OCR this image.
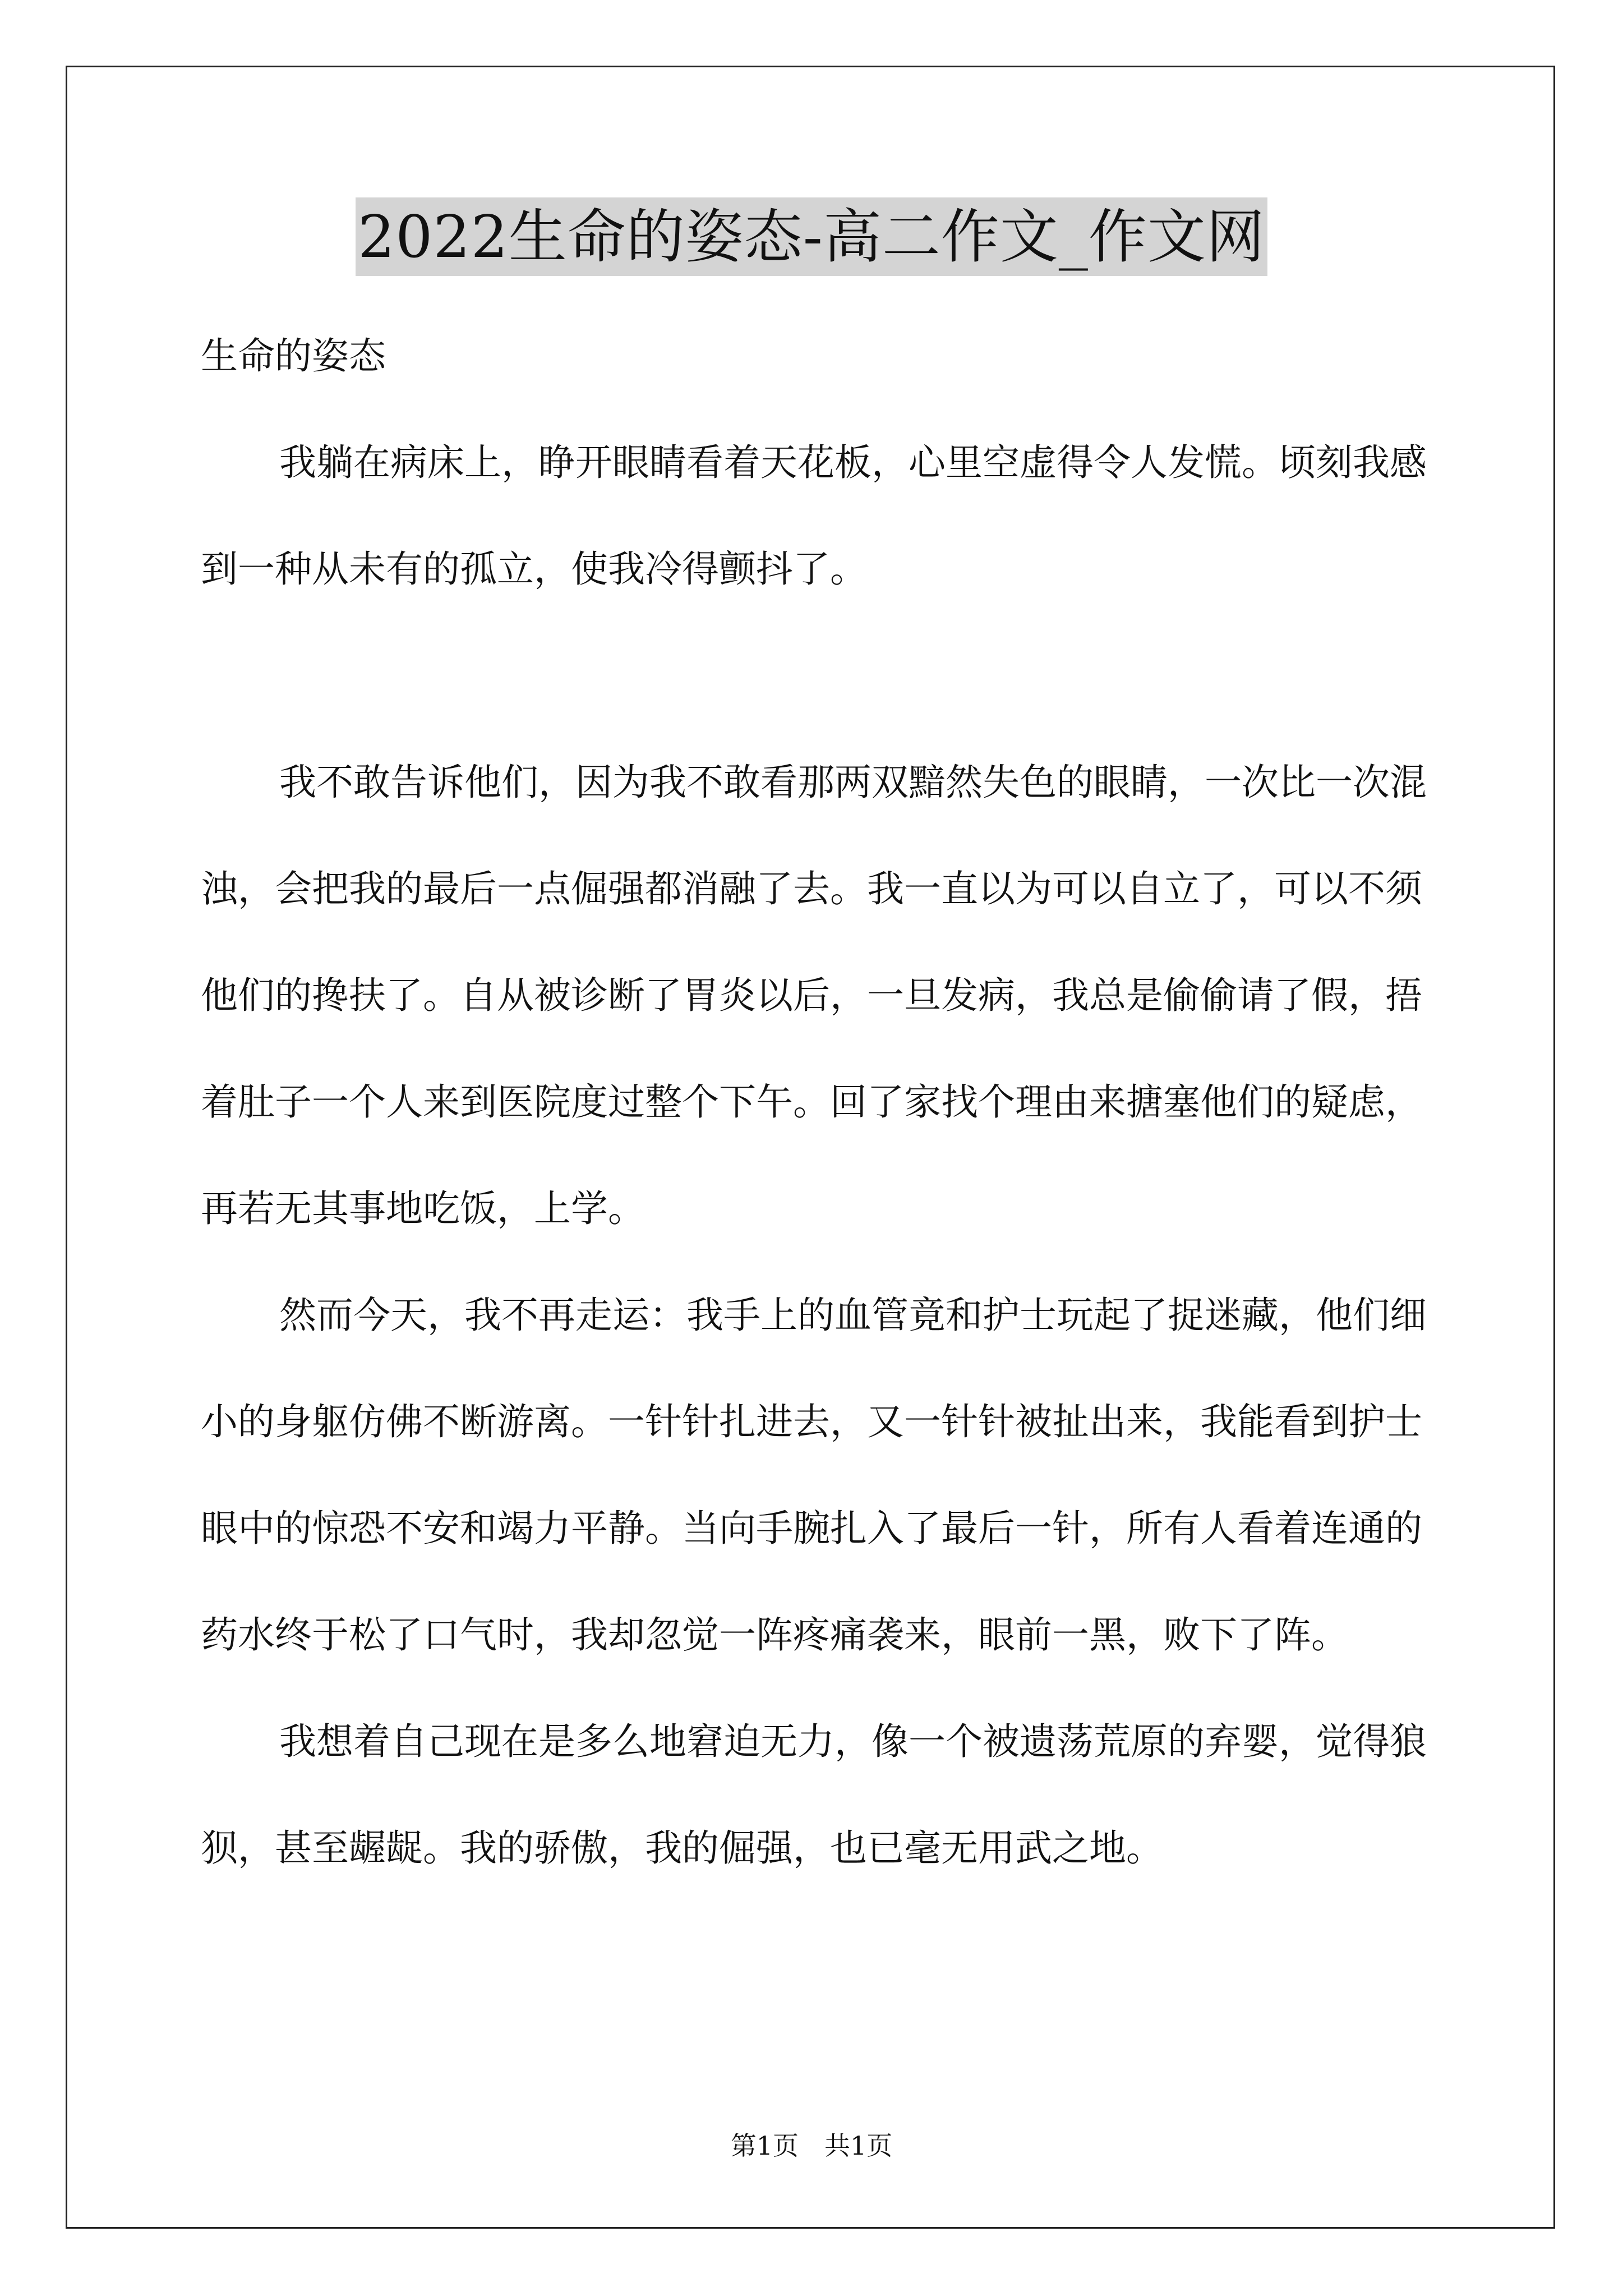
2022生命的姿态-高二作文_作文网

生命的姿态

我躺在病床上，睁开眼睛看着天花板，心里空虚得令人发慌。顷刻我感到一种从未有的孤立，使我冷得颤抖了。

我不敢告诉他们，因为我不敢看那两双黯然失色的眼睛，一次比一次混浊，会把我的最后一点倔强都消融了去。我一直以为可以自立了，可以不须他们的搀扶了。自从被诊断了胃炎以后，一旦发病，我总是偷偷请了假，捂着肚子一个人来到医院度过整个下午。回了家找个理由来搪塞他们的疑虑，再若无其事地吃饭，上学。

然而今天，我不再走运：我手上的血管竟和护士玩起了捉迷藏，他们细小的身躯仿佛不断游离。一针针扎进去，又一针针被扯出来，我能看到护士眼中的惊恐不安和竭力平静。当向手腕扎入了最后一针，所有人看着连通的药水终于松了口气时，我却忽觉一阵疼痛袭来，眼前一黑，败下了阵。

我想着自己现在是多么地窘迫无力，像一个被遗荡荒原的弃婴，觉得狼狈，甚至龌龊。我的骄傲，我的倔强，也已毫无用武之地。

第1页　共1页
